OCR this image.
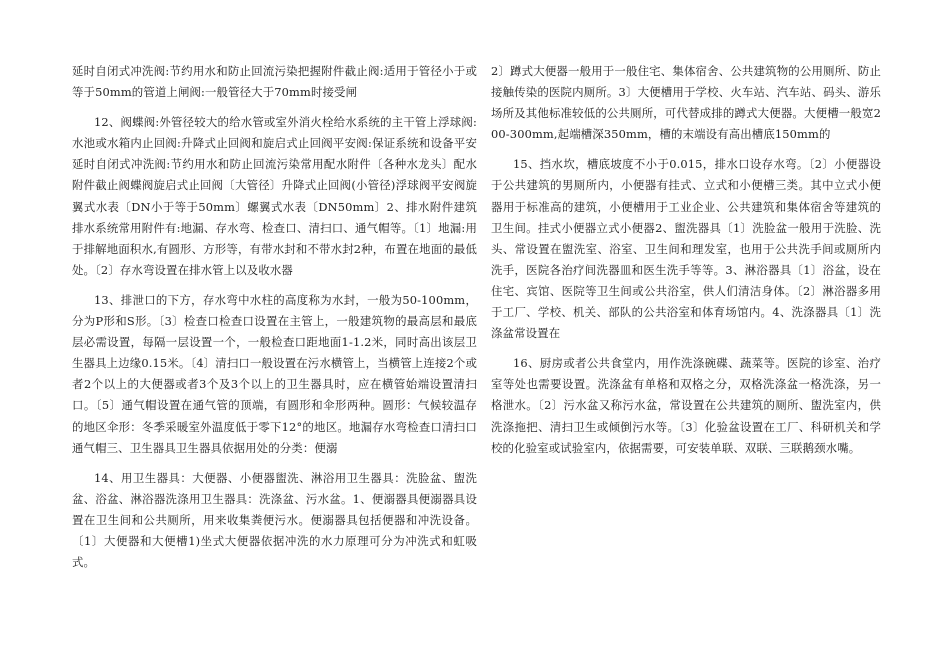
延时自闭式冲洗阀:节约用水和防止回流污染把握附件截止阀:适用于管径小于或等于50mm的管道上闸阀:一般管径大于70mm时接受闸

12、阀蝶阀:外管径较大的给水管或室外消火栓给水系统的主干管上浮球阀:水池或水箱内止回阀:升降式止回阀和旋启式止回阀平安阀:保证系统和设备平安延时自闭式冲洗阀:节约用水和防止回流污染常用配水附件〔各种水龙头〕配水附件截止阀蝶阀旋启式止回阀〔大管径〕升降式止回阀(小管径)浮球阀平安阀旋翼式水表〔DN小于等于50mm〕螺翼式水表〔DN50mm〕2、排水附件建筑排水系统常用附件有:地漏、存水弯、检查口、清扫口、通气帽等。〔1〕地漏:用于排解地面积水,有圆形、方形等，有带水封和不带水封2种，布置在地面的最低处。〔2〕存水弯设置在排水管上以及收水器

13、排泄口的下方，存水弯中水柱的高度称为水封，一般为50-100mm，分为P形和S形。〔3〕检查口检查口设置在主管上，一般建筑物的最高层和最底层必需设置，每隔一层设置一个，一般检查口距地面1-1.2米，同时高出该层卫生器具上边缘0.15米。〔4〕清扫口一般设置在污水横管上，当横管上连接2个或者2个以上的大便器或者3个及3个以上的卫生器具时，应在横管始端设置清扫口。〔5〕通气帽设置在通气管的顶端，有圆形和伞形两种。圆形：气候较温存的地区伞形：冬季采暖室外温度低于零下12°的地区。地漏存水弯检查口清扫口通气帽三、卫生器具卫生器具依据用处的分类：便溺

14、用卫生器具：大便器、小便器盥洗、淋浴用卫生器具：洗脸盆、盥洗盆、浴盆、淋浴器洗涤用卫生器具：洗涤盆、污水盆。1、便溺器具便溺器具设置在卫生间和公共厕所，用来收集粪便污水。便溺器具包括便器和冲洗设备。〔1〕大便器和大便槽1)坐式大便器依据冲洗的水力原理可分为冲洗式和虹吸式。

2〕蹲式大便器一般用于一般住宅、集体宿舍、公共建筑物的公用厕所、防止接触传染的医院内厕所。3〕大便槽用于学校、火车站、汽车站、码头、游乐场所及其他标准较低的公共厕所，可代替成排的蹲式大便器。大便槽一般宽200-300mm,起端槽深350mm，槽的末端设有高出槽底150mm的

15、挡水坎，槽底坡度不小于0.015，排水口设存水弯。〔2〕小便器设于公共建筑的男厕所内，小便器有挂式、立式和小便槽三类。其中立式小便器用于标准高的建筑，小便槽用于工业企业、公共建筑和集体宿舍等建筑的卫生间。挂式小便器立式小便器2、盥洗器具〔1〕洗脸盆一般用于洗脸、洗头、常设置在盥洗室、浴室、卫生间和理发室，也用于公共洗手间或厕所内洗手，医院各治疗间洗器皿和医生洗手等等。3、淋浴器具〔1〕浴盆，设在住宅、宾馆、医院等卫生间或公共浴室，供人们清洁身体。〔2〕淋浴器多用于工厂、学校、机关、部队的公共浴室和体育场馆内。4、洗涤器具〔1〕洗涤盆常设置在

16、厨房或者公共食堂内，用作洗涤碗碟、蔬菜等。医院的诊室、治疗室等处也需要设置。洗涤盆有单格和双格之分，双格洗涤盆一格洗涤，另一格泄水。〔2〕污水盆又称污水盆，常设置在公共建筑的厕所、盥洗室内，供洗涤拖把、清扫卫生或倾倒污水等。〔3〕化验盆设置在工厂、科研机关和学校的化验室或试验室内，依据需要，可安装单联、双联、三联鹅颈水嘴。
